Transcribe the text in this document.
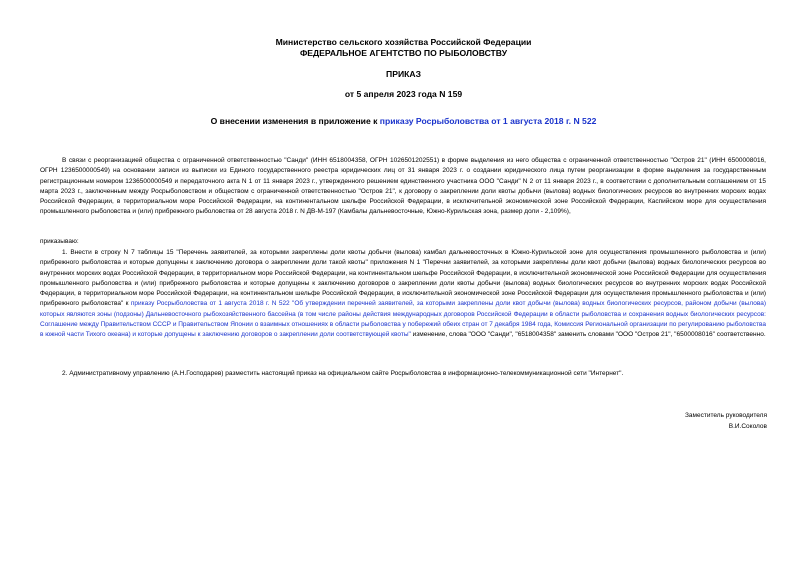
Министерство сельского хозяйства Российской Федерации
ФЕДЕРАЛЬНОЕ АГЕНТСТВО ПО РЫБОЛОВСТВУ
ПРИКАЗ
от 5 апреля 2023 года N 159
О внесении изменения в приложение к приказу Росрыболовства от 1 августа 2018 г. N 522

В связи с реорганизацией общества с ограниченной ответственностью "Санди" (ИНН 6518004358, ОГРН 1026501202551) в форме выделения из него общества с ограниченной ответственностью "Остров 21" (ИНН 6500008016, ОГРН 1236500000549) на основании записи из выписки из Единого государственного реестра юридических лиц от 31 января 2023 г. о создании юридического лица путем реорганизации в форме выделения за государственным регистрационным номером 1236500000549 и передаточного акта N 1 от 11 января 2023 г., утвержденного решением единственного участника ООО "Санди" N 2 от 11 января 2023 г., в соответствии с дополнительным соглашением от 15 марта 2023 г., заключенным между Росрыболовством и обществом с ограниченной ответственностью "Остров 21", к договору о закреплении доли квоты добычи (вылова) водных биологических ресурсов во внутренних морских водах Российской Федерации, в территориальном море Российской Федерации, на континентальном шельфе Российской Федерации, в исключительной экономической зоне Российской Федерации, Каспийском море для осуществления промышленного рыболовства и (или) прибрежного рыболовства от 28 августа 2018 г. N ДВ-М-197 (Камбалы дальневосточные, Южно-Курильская зона, размер доли - 2,109%),

приказываю:

1. Внести в строку N 7 таблицы 15 "Перечень заявителей, за которыми закреплены доли квоты добычи (вылова) камбал дальневосточных в Южно-Курильской зоне для осуществления промышленного рыболовства и (или) прибрежного рыболовства и которые допущены к заключению договора о закреплении доли такой квоты" приложения N 1 "Перечни заявителей, за которыми закреплены доли квот добычи (вылова) водных биологических ресурсов во внутренних морских водах Российской Федерации, в территориальном море Российской Федерации, на континентальном шельфе Российской Федерации, в исключительной экономической зоне Российской Федерации для осуществления промышленного рыболовства и (или) прибрежного рыболовства и которые допущены к заключению договоров о закреплении доли квоты добычи (вылова) водных биологических ресурсов во внутренних морских водах Российской Федерации, в территориальном море Российской Федерации, на континентальном шельфе Российской Федерации, в исключительной экономической зоне Российской Федерации для осуществления промышленного рыболовства и (или) прибрежного рыболовства" к приказу Росрыболовства от 1 августа 2018 г. N 522 "Об утверждении перечней заявителей, за которыми закреплены доли квот добычи (вылова) водных биологических ресурсов, районом добычи (вылова) которых являются зоны (подзоны) Дальневосточного рыбохозяйственного бассейна (в том числе районы действия международных договоров Российской Федерации в области рыболовства и сохранения водных биологических ресурсов: Соглашение между Правительством СССР и Правительством Японии о взаимных отношениях в области рыболовства у побережий обеих стран от 7 декабря 1984 года, Комиссия Региональной организации по регулированию рыболовства в южной части Тихого океана) и которые допущены к заключению договоров о закреплении доли соответствующей квоты" изменение, слова "ООО "Санди", "6518004358" заменить словами "ООО "Остров 21", "6500008016" соответственно.

2. Административному управлению (А.Н.Господарев) разместить настоящий приказ на официальном сайте Росрыболовства в информационно-телекоммуникационной сети "Интернет".

Заместитель руководителя
В.И.Соколов
